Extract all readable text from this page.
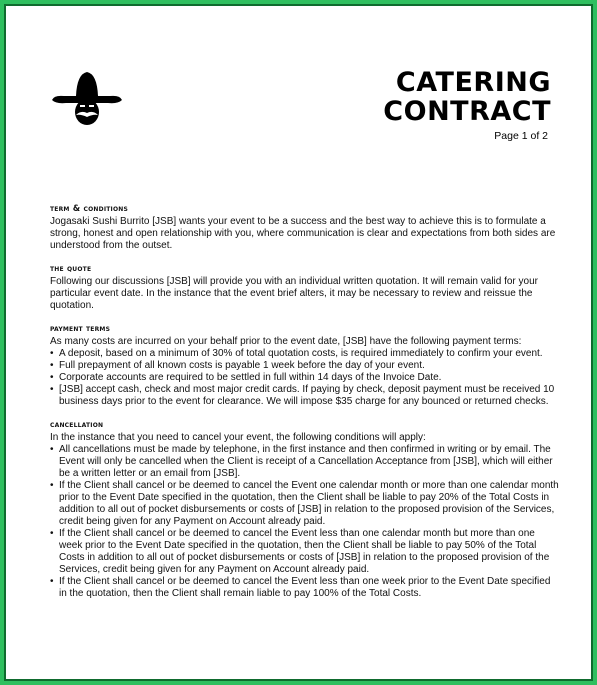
CATERING
CONTRACT
Page 1 of 2
term & conditions

Jogasaki Sushi Burrito [JSB] wants your event to be a success and the best way to achieve this is to formulate a strong, honest and open relationship with you, where communication is clear and expectations from both sides are understood from the outset.

the quote

Following our discussions [JSB] will provide you with an individual written quotation. It will remain valid for your particular event date. In the instance that the event brief alters, it may be necessary to review and reissue the quotation.

payment terms

As many costs are incurred on your behalf prior to the event date, [JSB] have the following payment terms:

• A deposit, based on a minimum of 30% of total quotation costs, is required immediately to confirm your event.
• Full prepayment of all known costs is payable 1 week before the day of your event.
• Corporate accounts are required to be settled in full within 14 days of the Invoice Date.
• [JSB] accept cash, check and most major credit cards. If paying by check, deposit payment must be received 10 business days prior to the event for clearance. We will impose $35 charge for any bounced or returned checks.
cancellation

In the instance that you need to cancel your event, the following conditions will apply:

• All cancellations must be made by telephone, in the first instance and then confirmed in writing or by email. The Event will only be cancelled when the Client is receipt of a Cancellation Acceptance from [JSB], which will either be a written letter or an email from [JSB].
• If the Client shall cancel or be deemed to cancel the Event one calendar month or more than one calendar month prior to the Event Date specified in the quotation, then the Client shall be liable to pay 20% of the Total Costs in addition to all out of pocket disbursements or costs of [JSB] in relation to the proposed provision of the Services, credit being given for any Payment on Account already paid.
• If the Client shall cancel or be deemed to cancel the Event less than one calendar month but more than one week prior to the Event Date specified in the quotation, then the Client shall be liable to pay 50% of the Total Costs in addition to all out of pocket disbursements or costs of [JSB] in relation to the proposed provision of the Services, credit being given for any Payment on Account already paid.
• If the Client shall cancel or be deemed to cancel the Event less than one week prior to the Event Date specified in the quotation, then the Client shall remain liable to pay 100% of the Total Costs.
